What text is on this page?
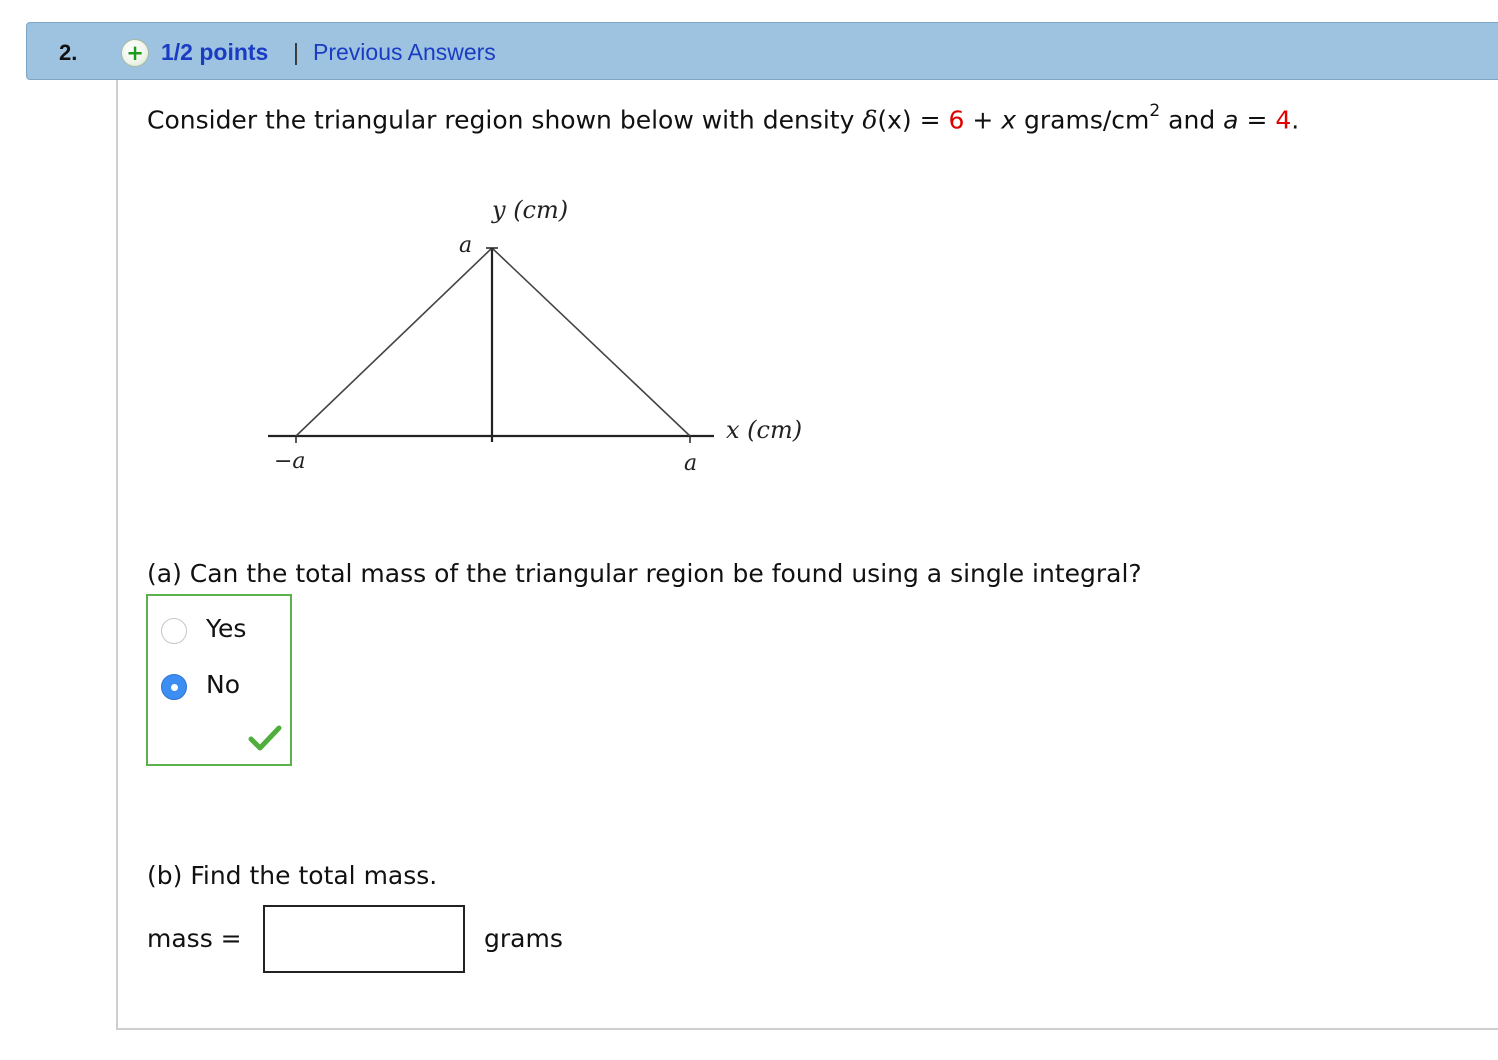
2. + 1/2 points | Previous Answers
Consider the triangular region shown below with density δ(x) = 6 + x grams/$cm^2$ and a = 4.
y (cm)
a
x (cm)
−a	a
(a) Can the total mass of the triangular region be found using a single integral?
Yes
No
(b) Find the total mass.
mass =	grams
